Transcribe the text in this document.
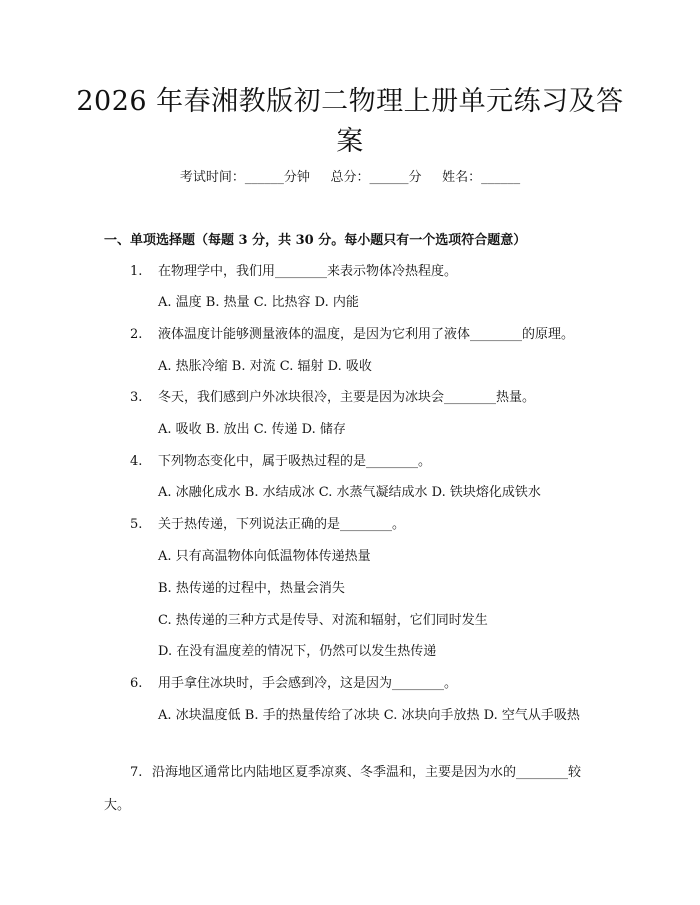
2026 年春湘教版初二物理上册单元练习及答案
考试时间：______分钟     总分：______分     姓名：______
一、单项选择题（每题 3 分，共 30 分。每小题只有一个选项符合题意）
1. 在物理学中，我们用________来表示物体冷热程度。
A. 温度 B. 热量 C. 比热容 D. 内能
2. 液体温度计能够测量液体的温度，是因为它利用了液体________的原理。
A. 热胀冷缩 B. 对流 C. 辐射 D. 吸收
3. 冬天，我们感到户外冰块很冷，主要是因为冰块会________热量。
A. 吸收 B. 放出 C. 传递 D. 储存
4. 下列物态变化中，属于吸热过程的是________。
A. 冰融化成水 B. 水结成冰 C. 水蒸气凝结成水 D. 铁块熔化成铁水
5. 关于热传递，下列说法正确的是________。
A. 只有高温物体向低温物体传递热量
B. 热传递的过程中，热量会消失
C. 热传递的三种方式是传导、对流和辐射，它们同时发生
D. 在没有温度差的情况下，仍然可以发生热传递
6. 用手拿住冰块时，手会感到冷，这是因为________。
A. 冰块温度低 B. 手的热量传给了冰块 C. 冰块向手放热 D. 空气从手吸热
7. 沿海地区通常比内陆地区夏季凉爽、冬季温和，主要是因为水的________较大。
